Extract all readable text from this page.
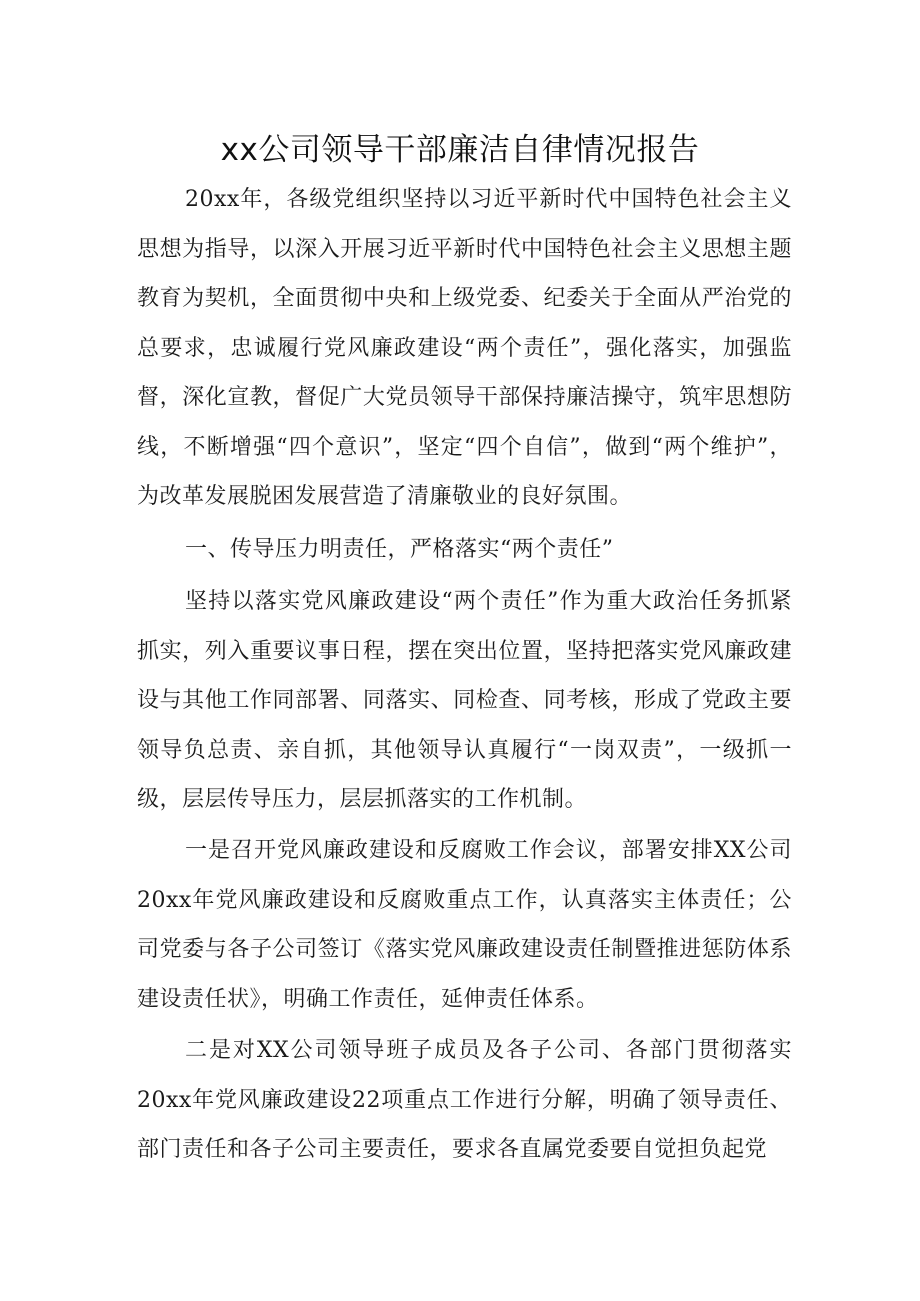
xx公司领导干部廉洁自律情况报告

20xx年，各级党组织坚持以习近平新时代中国特色社会主义思想为指导，以深入开展习近平新时代中国特色社会主义思想主题教育为契机，全面贯彻中央和上级党委、纪委关于全面从严治党的总要求，忠诚履行党风廉政建设“两个责任”，强化落实，加强监督，深化宣教，督促广大党员领导干部保持廉洁操守，筑牢思想防线，不断增强“四个意识”，坚定“四个自信”，做到“两个维护”，为改革发展脱困发展营造了清廉敬业的良好氛围。

一、传导压力明责任，严格落实“两个责任”

坚持以落实党风廉政建设“两个责任”作为重大政治任务抓紧抓实，列入重要议事日程，摆在突出位置，坚持把落实党风廉政建设与其他工作同部署、同落实、同检查、同考核，形成了党政主要领导负总责、亲自抓，其他领导认真履行“一岗双责”，一级抓一级，层层传导压力，层层抓落实的工作机制。

一是召开党风廉政建设和反腐败工作会议，部署安排XX公司20xx年党风廉政建设和反腐败重点工作，认真落实主体责任；公司党委与各子公司签订《落实党风廉政建设责任制暨推进惩防体系建设责任状》，明确工作责任，延伸责任体系。

二是对XX公司领导班子成员及各子公司、各部门贯彻落实20xx年党风廉政建设22项重点工作进行分解，明确了领导责任、部门责任和各子公司主要责任，要求各直属党委要自觉担负起党
